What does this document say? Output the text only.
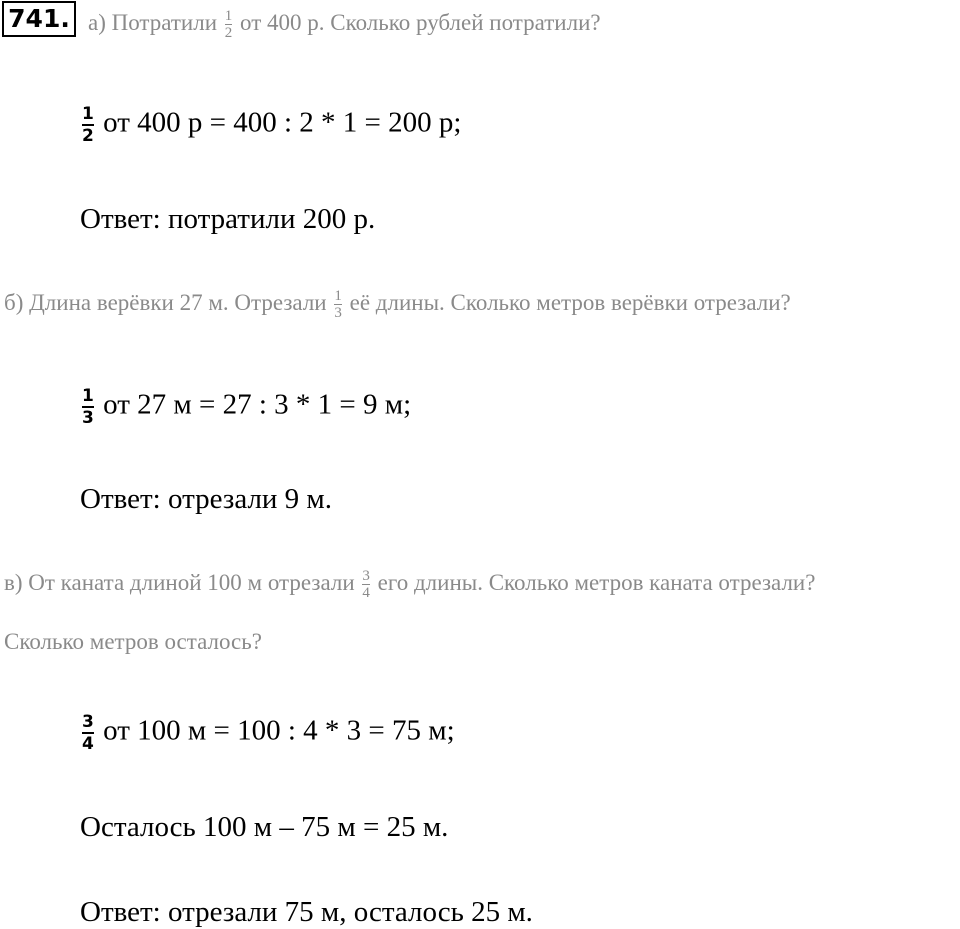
741. а) Потратили $\frac{1}{2}$ от 400 р. Сколько рублей потратили?
$\frac{1}{2}$ от 400 р = 400 : 2 * 1 = 200 р;
Ответ: потратили 200 р.
б) Длина верёвки 27 м. Отрезали $\frac{1}{3}$ её длины. Сколько метров верёвки отрезали?
$\frac{1}{3}$ от 27 м = 27 : 3 * 1 = 9 м;
Ответ: отрезали 9 м.
в) От каната длиной 100 м отрезали $\frac{3}{4}$ его длины. Сколько метров каната отрезали?
Сколько метров осталось?
$\frac{3}{4}$ от 100 м = 100 : 4 * 3 = 75 м;
Осталось 100 м – 75 м = 25 м.
Ответ: отрезали 75 м, осталось 25 м.
